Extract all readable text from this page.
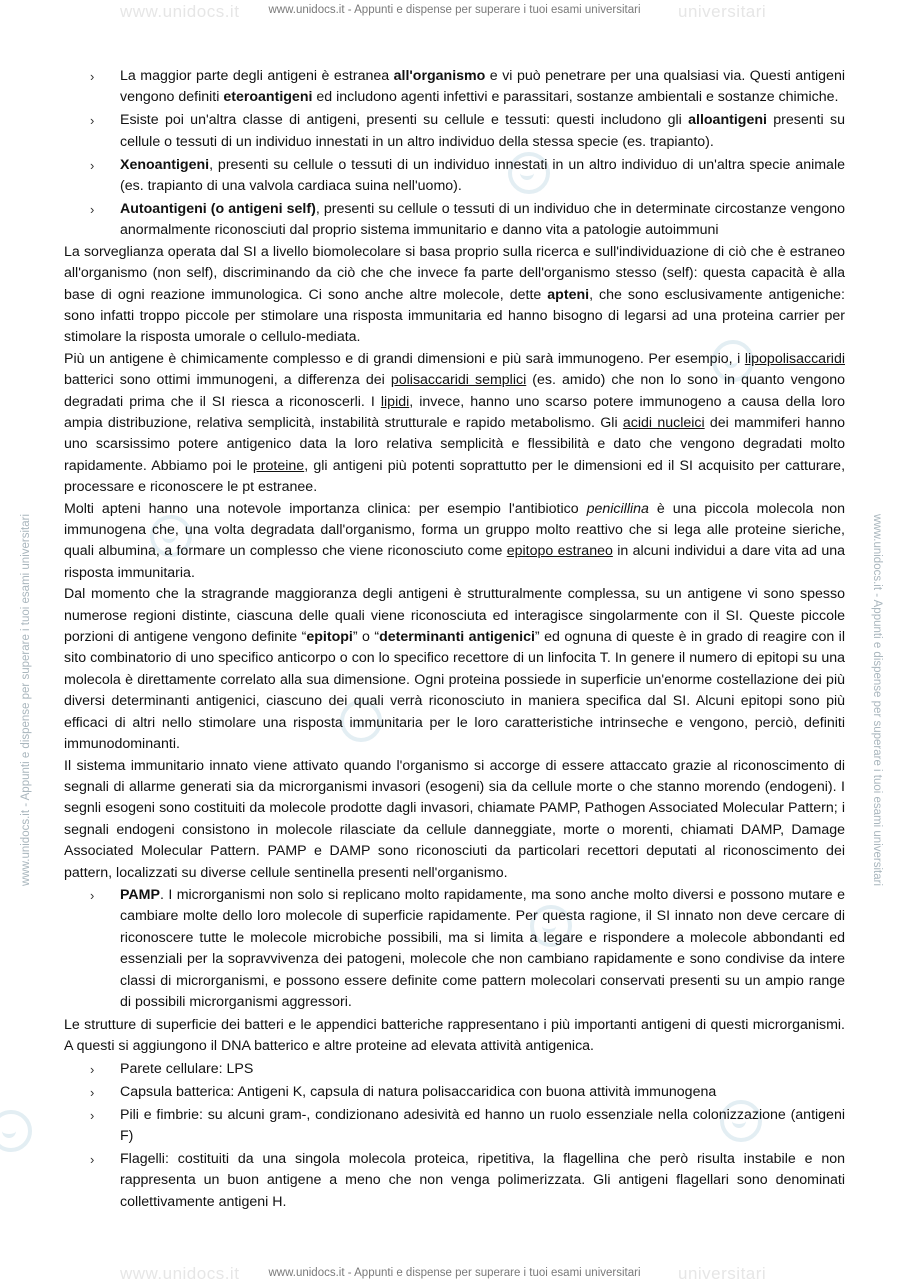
www.unidocs.it	universitari
www.unidocs.it - Appunti e dispense per superare i tuoi esami universitari
www.unidocs.it - Appunti e dispense per superare i tuoi esami universitari	www.unidocs.it - Appunti e dispense per superare i tuoi esami universitari
› La maggior parte degli antigeni è estranea all'organismo e vi può penetrare per una qualsiasi via. Questi antigeni vengono definiti eteroantigeni ed includono agenti infettivi e parassitari, sostanze ambientali e sostanze chimiche.
› Esiste poi un'altra classe di antigeni, presenti su cellule e tessuti: questi includono gli alloantigeni presenti su cellule o tessuti di un individuo innestati in un altro individuo della stessa specie (es. trapianto).
› Xenoantigeni, presenti su cellule o tessuti di un individuo innestati in un altro individuo di un'altra specie animale (es. trapianto di una valvola cardiaca suina nell'uomo).
› Autoantigeni (o antigeni self), presenti su cellule o tessuti di un individuo che in determinate circostanze vengono anormalmente riconosciuti dal proprio sistema immunitario e danno vita a patologie autoimmuni

La sorveglianza operata dal SI a livello biomolecolare si basa proprio sulla ricerca e sull'individuazione di ciò che è estraneo all'organismo (non self), discriminando da ciò che che invece fa parte dell'organismo stesso (self): questa capacità è alla base di ogni reazione immunologica. Ci sono anche altre molecole, dette apteni, che sono esclusivamente antigeniche: sono infatti troppo piccole per stimolare una risposta immunitaria ed hanno bisogno di legarsi ad una proteina carrier per stimolare la risposta umorale o cellulo-mediata.

Più un antigene è chimicamente complesso e di grandi dimensioni e più sarà immunogeno. Per esempio, i lipopolisaccaridi batterici sono ottimi immunogeni, a differenza dei polisaccaridi semplici (es. amido) che non lo sono in quanto vengono degradati prima che il SI riesca a riconoscerli. I lipidi, invece, hanno uno scarso potere immunogeno a causa della loro ampia distribuzione, relativa semplicità, instabilità strutturale e rapido metabolismo. Gli acidi nucleici dei mammiferi hanno uno scarsissimo potere antigenico data la loro relativa semplicità e flessibilità e dato che vengono degradati molto rapidamente. Abbiamo poi le proteine, gli antigeni più potenti soprattutto per le dimensioni ed il SI acquisito per catturare, processare e riconoscere le pt estranee.

Molti apteni hanno una notevole importanza clinica: per esempio l'antibiotico penicillina è una piccola molecola non immunogena che, una volta degradata dall'organismo, forma un gruppo molto reattivo che si lega alle proteine sieriche, quali albumina, a formare un complesso che viene riconosciuto come epitopo estraneo in alcuni individui a dare vita ad una risposta immunitaria.

Dal momento che la stragrande maggioranza degli antigeni è strutturalmente complessa, su un antigene vi sono spesso numerose regioni distinte, ciascuna delle quali viene riconosciuta ed interagisce singolarmente con il SI. Queste piccole porzioni di antigene vengono definite “epitopi” o “determinanti antigenici” ed ognuna di queste è in grado di reagire con il sito combinatorio di uno specifico anticorpo o con lo specifico recettore di un linfocita T. In genere il numero di epitopi su una molecola è direttamente correlato alla sua dimensione. Ogni proteina possiede in superficie un'enorme costellazione dei più diversi determinanti antigenici, ciascuno dei quali verrà riconosciuto in maniera specifica dal SI. Alcuni epitopi sono più efficaci di altri nello stimolare una risposta immunitaria per le loro caratteristiche intrinseche e vengono, perciò, definiti immunodominanti.

Il sistema immunitario innato viene attivato quando l'organismo si accorge di essere attaccato grazie al riconoscimento di segnali di allarme generati sia da microrganismi invasori (esogeni) sia da cellule morte o che stanno morendo (endogeni). I segnli esogeni sono costituiti da molecole prodotte dagli invasori, chiamate PAMP, Pathogen Associated Molecular Pattern; i segnali endogeni consistono in molecole rilasciate da cellule danneggiate, morte o morenti, chiamati DAMP, Damage Associated Molecular Pattern. PAMP e DAMP sono riconosciuti da particolari recettori deputati al riconoscimento dei pattern, localizzati su diverse cellule sentinella presenti nell'organismo.

› PAMP. I microrganismi non solo si replicano molto rapidamente, ma sono anche molto diversi e possono mutare e cambiare molte dello loro molecole di superficie rapidamente. Per questa ragione, il SI innato non deve cercare di riconoscere tutte le molecole microbiche possibili, ma si limita a legare e rispondere a molecole abbondanti ed essenziali per la sopravvivenza dei patogeni, molecole che non cambiano rapidamente e sono condivise da intere classi di microrganismi, e possono essere definite come pattern molecolari conservati presenti su un ampio range di possibili microrganismi aggressori.

Le strutture di superficie dei batteri e le appendici batteriche rappresentano i più importanti antigeni di questi microrganismi. A questi si aggiungono il DNA batterico e altre proteine ad elevata attività antigenica.

› Parete cellulare: LPS
› Capsula batterica: Antigeni K, capsula di natura polisaccaridica con buona attività immunogena
› Pili e fimbrie: su alcuni gram-, condizionano adesività ed hanno un ruolo essenziale nella colonizzazione (antigeni F)
› Flagelli: costituiti da una singola molecola proteica, ripetitiva, la flagellina che però risulta instabile e non rappresenta un buon antigene a meno che non venga polimerizzata. Gli antigeni flagellari sono denominati collettivamente antigeni H.
www.unidocs.it	universitari
www.unidocs.it - Appunti e dispense per superare i tuoi esami universitari
